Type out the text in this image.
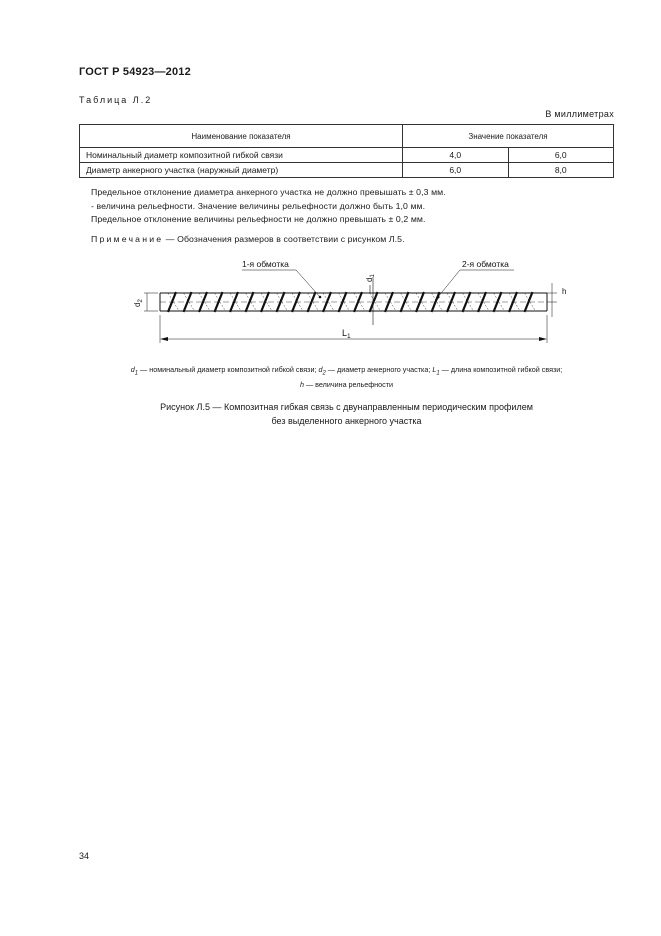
ГОСТ Р 54923—2012
Таблица Л.2
В миллиметрах
Наименование показателя	Значение показателя	
Номинальный диаметр композитной гибкой связи	4,0	6,0
Диаметр анкерного участка (наружный диаметр)	6,0	8,0
Предельное отклонение диаметра анкерного участка не должно превышать ± 0,3 мм.
- величина рельефности. Значение величины рельефности должно быть 1,0 мм.
Предельное отклонение величины рельефности не должно превышать ± 0,2 мм.
Примечание — Обозначения размеров в соответствии с рисунком Л.5.
$d_1$
$d_2$
h
$L_1$
1-я обмотка	2-я обмотка
$d_1$ — номинальный диаметр композитной гибкой связи; $d_2$ — диаметр анкерного участка; $L_1$ — длина композитной гибкой связи;
h — величина рельефности
Рисунок Л.5 — Композитная гибкая связь с двунаправленным периодическим профилем
без выделенного анкерного участка
34
